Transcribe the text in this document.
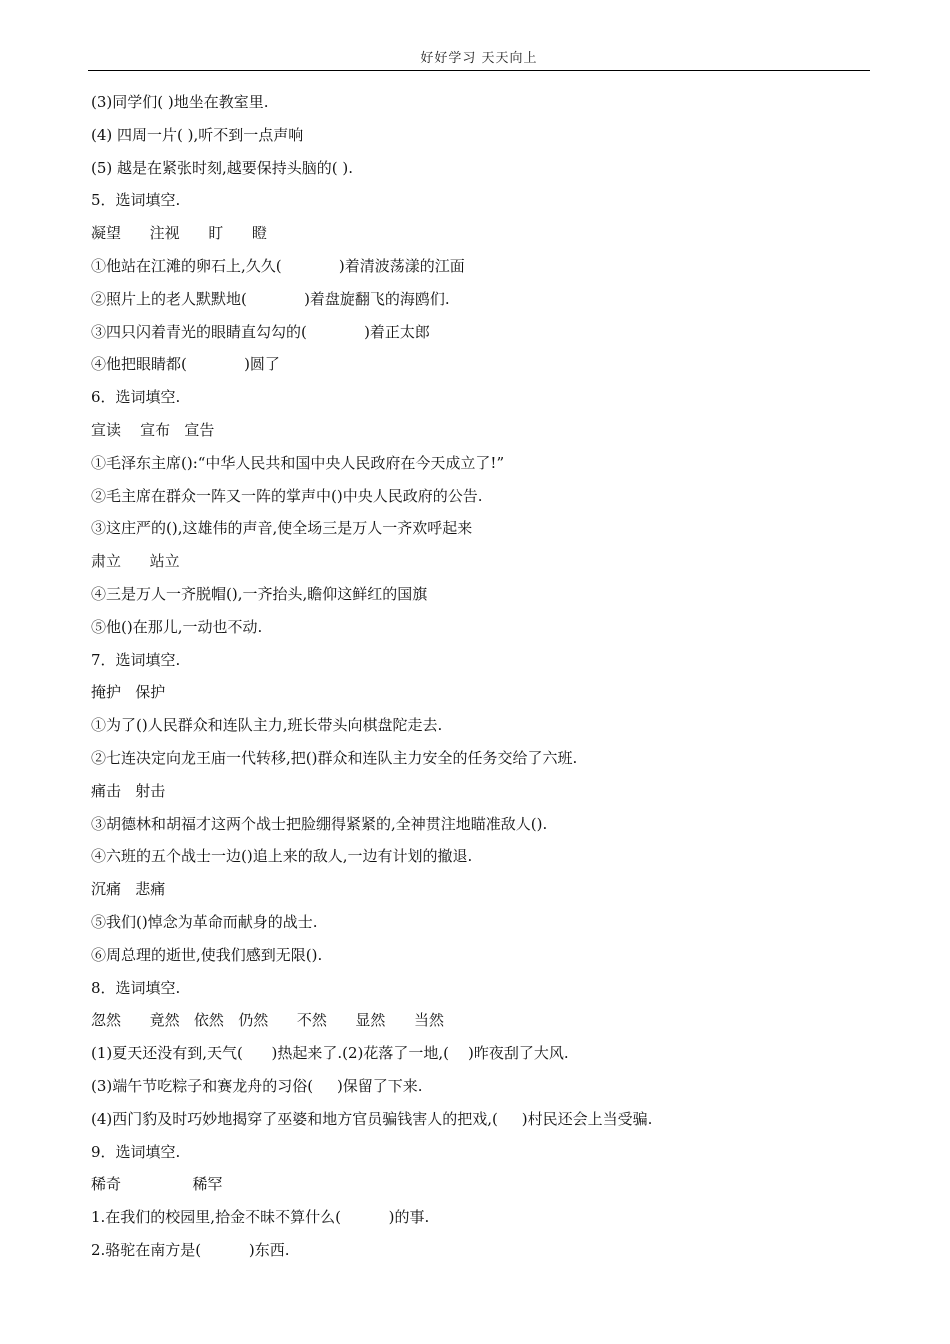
好好学习 天天向上
(3)同学们( )地坐在教室里.
(4) 四周一片( ),听不到一点声响
(5) 越是在紧张时刻,越要保持头脑的( ).
5．选词填空.
凝望      注视      盯      瞪
①他站在江滩的卵石上,久久(            )着清波荡漾的江面
②照片上的老人默默地(            )着盘旋翻飞的海鸥们.
③四只闪着青光的眼睛直勾勾的(            )着正太郎
④他把眼睛都(            )圆了
6．选词填空.
宣读    宣布   宣告
①毛泽东主席():“中华人民共和国中央人民政府在今天成立了!”
②毛主席在群众一阵又一阵的掌声中()中央人民政府的公告.
③这庄严的(),这雄伟的声音,使全场三是万人一齐欢呼起来
肃立      站立
④三是万人一齐脱帽(),一齐抬头,瞻仰这鲜红的国旗
⑤他()在那儿,一动也不动.
7．选词填空.
掩护   保护
①为了()人民群众和连队主力,班长带头向棋盘陀走去.
②七连决定向龙王庙一代转移,把()群众和连队主力安全的任务交给了六班.
痛击   射击
③胡德林和胡福才这两个战士把脸绷得紧紧的,全神贯注地瞄准敌人().
④六班的五个战士一边()追上来的敌人,一边有计划的撤退.
沉痛   悲痛
⑤我们()悼念为革命而献身的战士.
⑥周总理的逝世,使我们感到无限().
8．选词填空.
忽然      竟然   依然   仍然      不然      显然      当然
(1)夏天还没有到,天气(      )热起来了.(2)花落了一地,(    )昨夜刮了大风.
(3)端午节吃粽子和赛龙舟的习俗(     )保留了下来.
(4)西门豹及时巧妙地揭穿了巫婆和地方官员骗钱害人的把戏,(     )村民还会上当受骗.
9．选词填空.
稀奇               稀罕
1.在我们的校园里,拾金不昧不算什么(          )的事.
2.骆驼在南方是(          )东西.
